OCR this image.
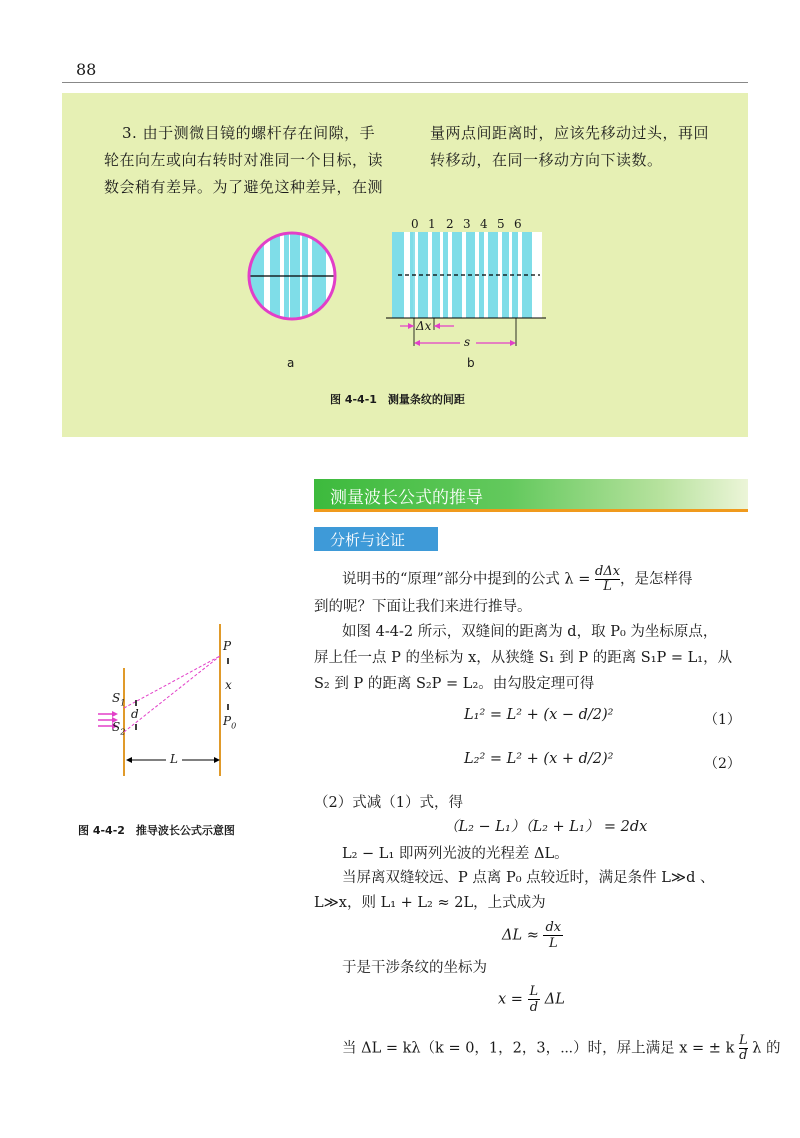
88
3. 由于测微目镜的螺杆存在间隙，手
轮在向左或向右转时对准同一个目标，读
数会稍有差异。为了避免这种差异，在测
量两点间距离时，应该先移动过头，再回
转移动，在同一移动方向下读数。
a
0 1 2 3 4 5 6
Δx
s
b
图 4-4-1　测量条纹的间距
P
$S_1$
d
$S_2$
x
$P_0$
L
图 4-4-2　推导波长公式示意图
测量波长公式的推导
分析与论证
说明书的“原理”部分中提到的公式 λ = dΔx
L ，是怎样得
到的呢？下面让我们来进行推导。
如图 4-4-2 所示，双缝间的距离为 d，取 P₀ 为坐标原点，
屏上任一点 P 的坐标为 x，从狭缝 S₁ 到 P 的距离 S₁P = L₁，从
S₂ 到 P 的距离 S₂P = L₂。由勾股定理可得
L₁² = L² + (x − d/2)²	（1）
L₂² = L² + (x + d/2)²	（2）
（2）式减（1）式，得
（L₂ − L₁）（L₂ + L₁） = 2dx
L₂ − L₁ 即两列光波的光程差 ΔL。
当屏离双缝较远、P 点离 P₀ 点较近时，满足条件 L≫d 、
L≫x，则 L₁ + L₂ ≈ 2L，上式成为
$\Delta L \approx \frac{dx}{L}$
于是干涉条纹的坐标为
$x = \frac{L}{d}$ ΔL
当 ΔL = kλ（k = 0，1，2，3，⋯）时，屏上满足 x = ± k $\frac{L}{d}$ λ 的
